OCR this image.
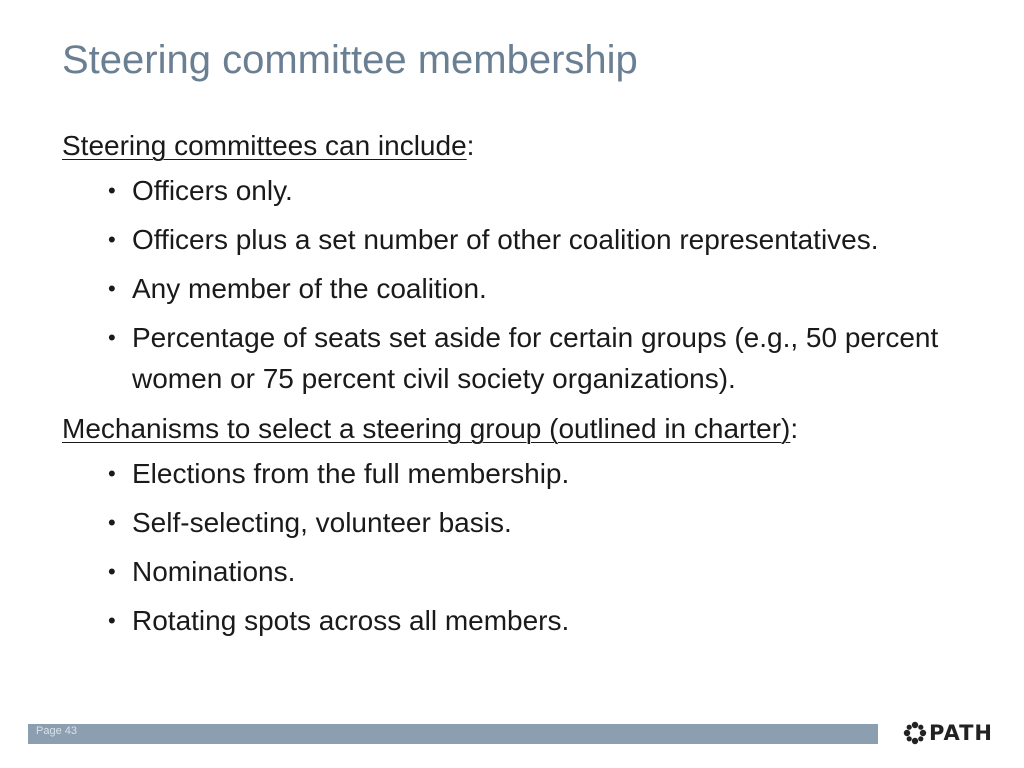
Steering committee membership

Steering committees can include:

• Officers only.
• Officers plus a set number of other coalition representatives.
• Any member of the coalition.
• Percentage of seats set aside for certain groups (e.g., 50 percent women or 75 percent civil society organizations).

Mechanisms to select a steering group (outlined in charter):

• Elections from the full membership.
• Self-selecting, volunteer basis.
• Nominations.
• Rotating spots across all members.
Page 43	PATH
